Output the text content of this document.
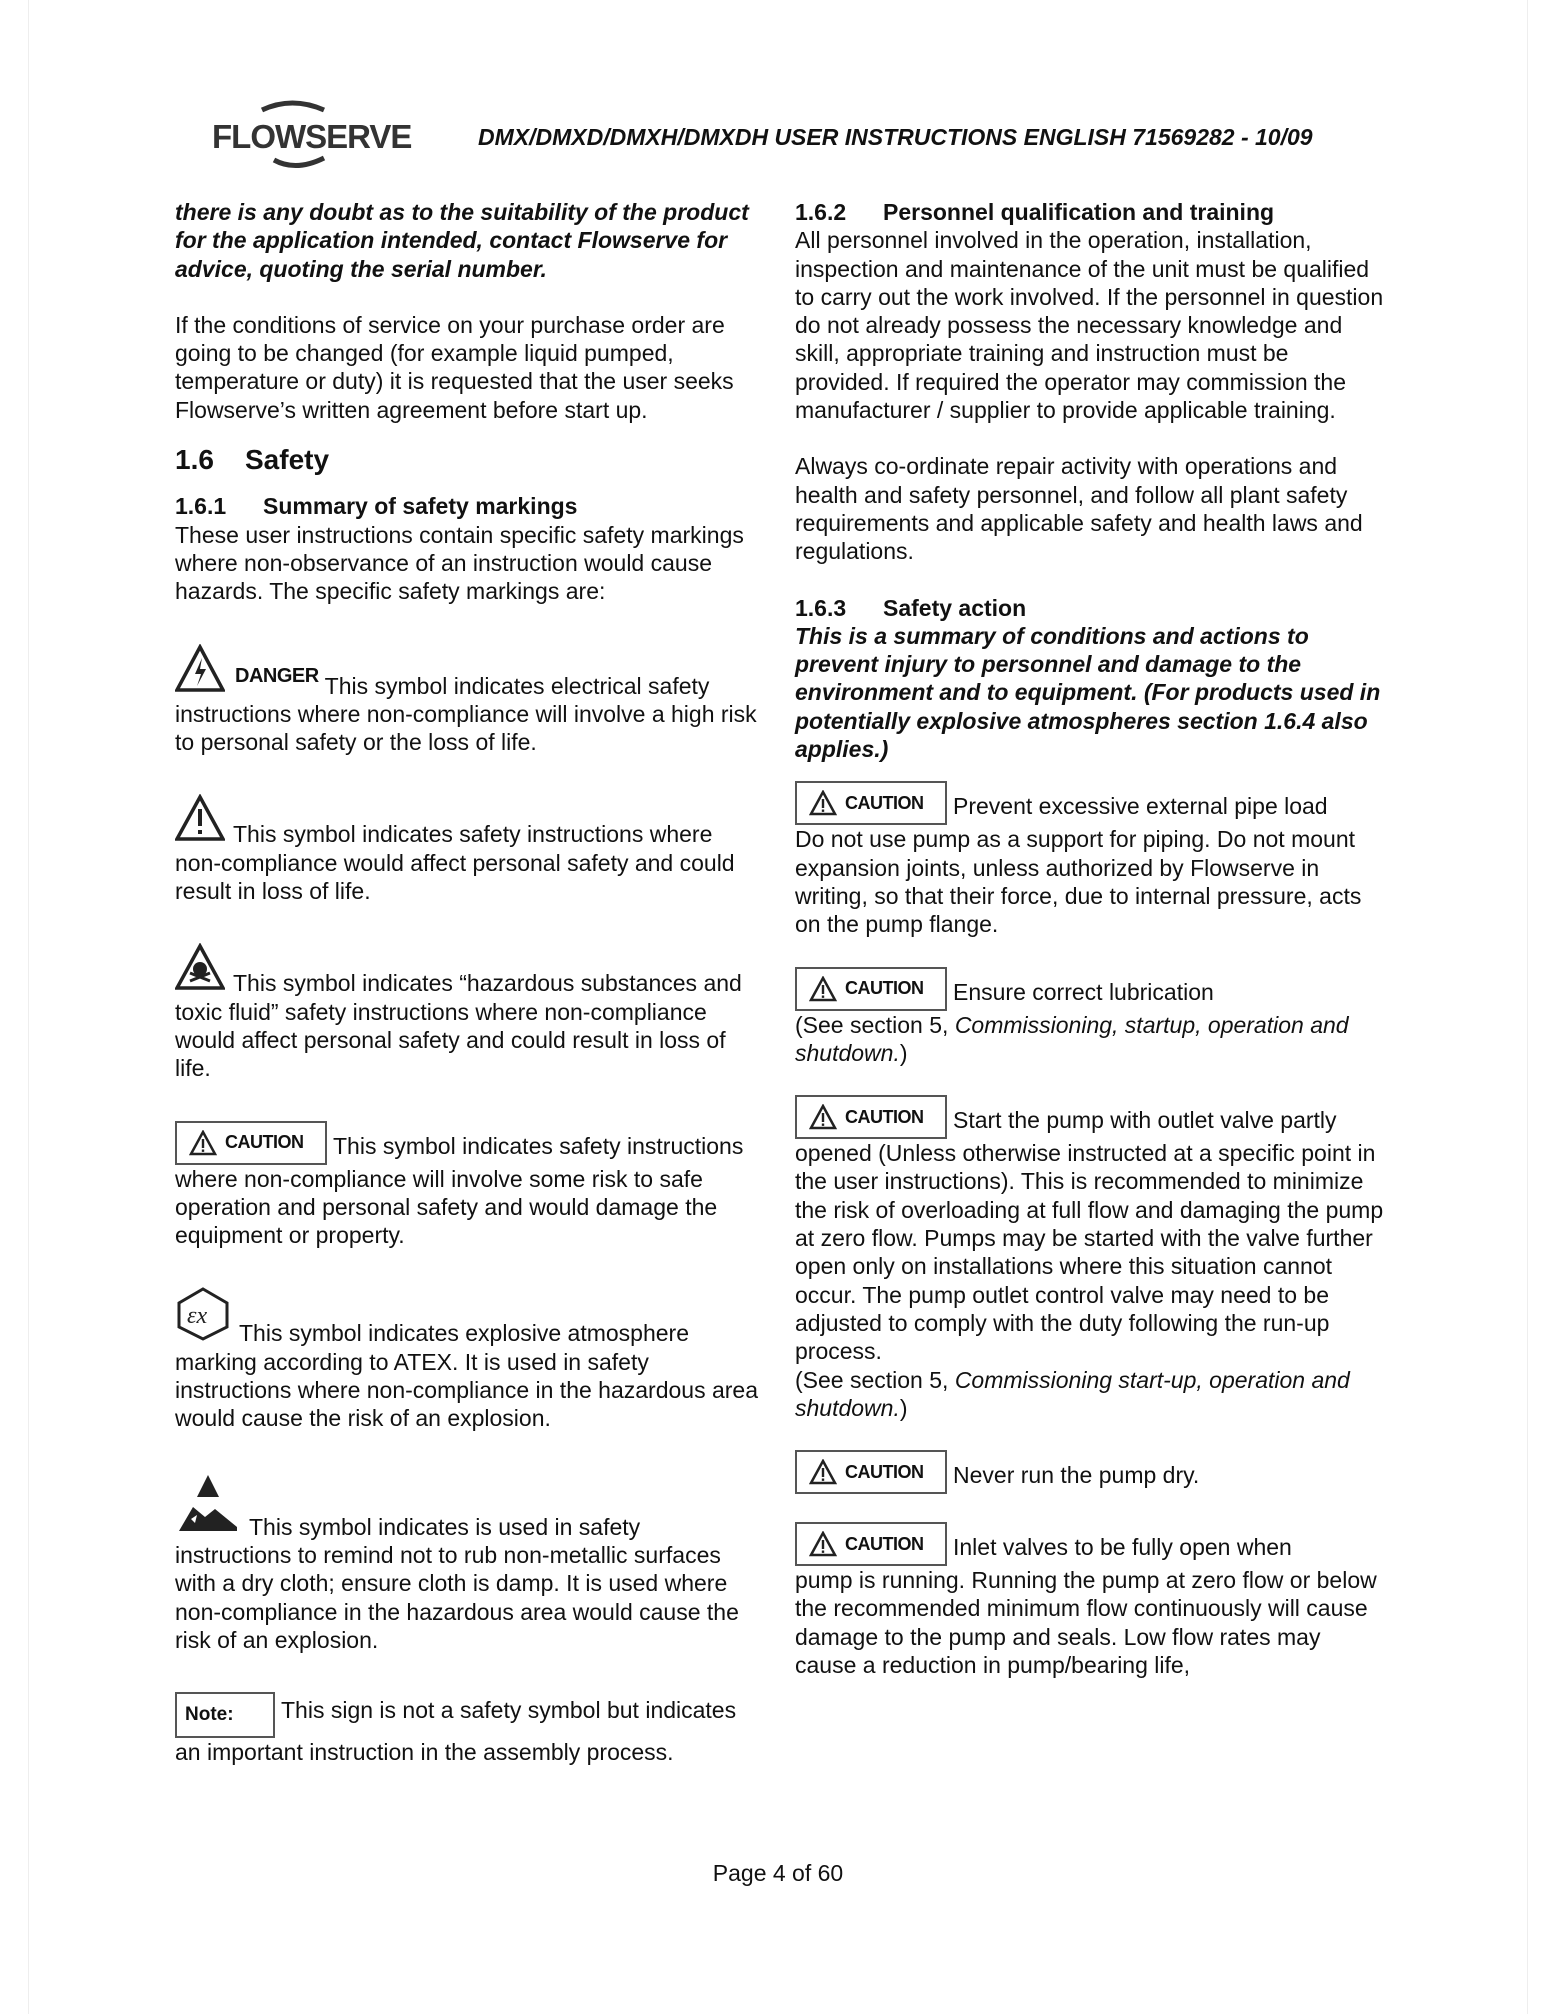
FLOWSERVE	DMX/DMXD/DMXH/DMXDH USER INSTRUCTIONS ENGLISH 71569282 - 10/09

there is any doubt as to the suitability of the product for the application intended, contact Flowserve for advice, quoting the serial number.

If the conditions of service on your purchase order are going to be changed (for example liquid pumped, temperature or duty) it is requested that the user seeks Flowserve’s written agreement before start up.

1.6 Safety
1.6.1 Summary of safety markings

These user instructions contain specific safety markings where non-observance of an instruction would cause hazards. The specific safety markings are:

DANGER This symbol indicates electrical safety instructions where non-compliance will involve a high risk to personal safety or the loss of life.

This symbol indicates safety instructions where non-compliance would affect personal safety and could result in loss of life.

This symbol indicates “hazardous substances and toxic fluid” safety instructions where non-compliance would affect personal safety and could result in loss of life.

CAUTION This symbol indicates safety instructions where non-compliance will involve some risk to safe operation and personal safety and would damage the equipment or property.

εx
This symbol indicates explosive atmosphere marking according to ATEX. It is used in safety instructions where non-compliance in the hazardous area would cause the risk of an explosion.

This symbol indicates is used in safety instructions to remind not to rub non-metallic surfaces with a dry cloth; ensure cloth is damp. It is used where non-compliance in the hazardous area would cause the risk of an explosion.

Note: This sign is not a safety symbol but indicates an important instruction in the assembly process.

1.6.2 Personnel qualification and training

All personnel involved in the operation, installation, inspection and maintenance of the unit must be qualified to carry out the work involved. If the personnel in question do not already possess the necessary knowledge and skill, appropriate training and instruction must be provided. If required the operator may commission the manufacturer / supplier to provide applicable training.

Always co-ordinate repair activity with operations and health and safety personnel, and follow all plant safety requirements and applicable safety and health laws and regulations.

1.6.3 Safety action

This is a summary of conditions and actions to prevent injury to personnel and damage to the environment and to equipment. (For products used in potentially explosive atmospheres section 1.6.4 also applies.)

CAUTION Prevent excessive external pipe load
Do not use pump as a support for piping. Do not mount expansion joints, unless authorized by Flowserve in writing, so that their force, due to internal pressure, acts on the pump flange.

CAUTION Ensure correct lubrication
(See section 5, Commissioning, startup, operation and shutdown.)

CAUTION Start the pump with outlet valve partly
opened (Unless otherwise instructed at a specific point in the user instructions). This is recommended to minimize the risk of overloading at full flow and damaging the pump at zero flow. Pumps may be started with the valve further open only on installations where this situation cannot occur. The pump outlet control valve may need to be adjusted to comply with the duty following the run-up process.
(See section 5, Commissioning start-up, operation and shutdown.)

CAUTION Never run the pump dry.

CAUTION Inlet valves to be fully open when
pump is running. Running the pump at zero flow or below the recommended minimum flow continuously will cause damage to the pump and seals. Low flow rates may cause a reduction in pump/bearing life,

Page 4 of 60
